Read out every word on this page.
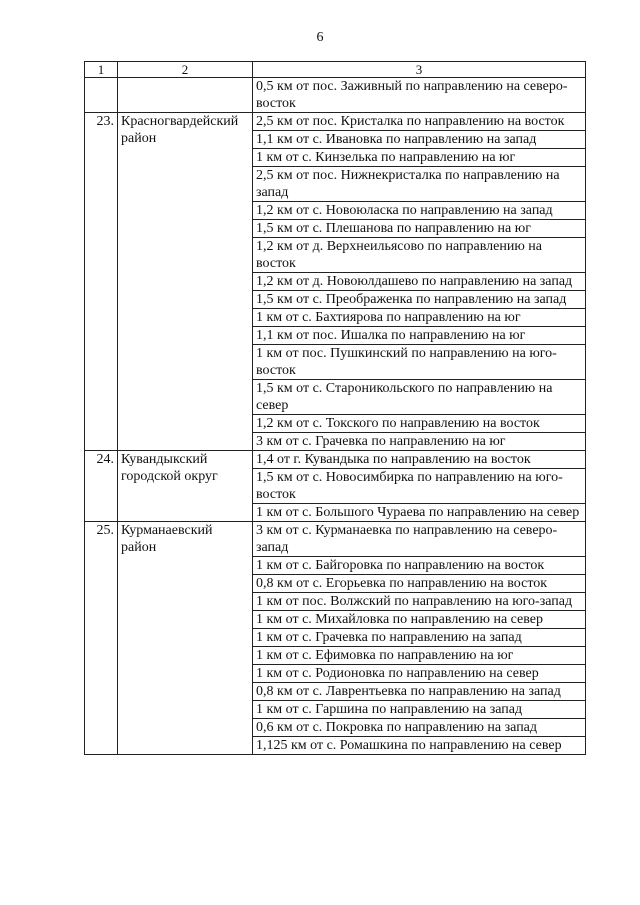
6
1	2	3
		0,5 км от пос. Заживный по направлению на северо-восток
23.	Красногвардейский район	2,5 км от пос. Кристалка по направлению на восток
		1,1 км от с. Ивановка по направлению на запад
		1 км от с. Кинзелька по направлению на юг
		2,5 км от пос. Нижнекристалка по направлению на запад
		1,2 км от с. Новоюласка по направлению на запад
		1,5 км от с. Плешанова по направлению на юг
		1,2 км от д. Верхнеильясово по направлению на восток
		1,2 км от д. Новоюлдашево по направлению на запад
		1,5 км от с. Преображенка по направлению на запад
		1 км от с. Бахтиярова по направлению на юг
		1,1 км от пос. Ишалка по направлению на юг
		1 км от пос. Пушкинский по направлению на юго-восток
		1,5 км от с. Староникольского по направлению на север
		1,2 км от с. Токского по направлению на восток
		3 км от с. Грачевка по направлению на юг
24.	Кувандыкский городской округ	1,4 от г. Кувандыка по направлению на восток
		1,5 км от с. Новосимбирка по направлению на юго-восток
		1 км от с. Большого Чураева по направлению на север
25.	Курманаевский район	3 км от с. Курманаевка по направлению на северо-запад
		1 км от с. Байгоровка по направлению на восток
		0,8 км от с. Егорьевка по направлению на восток
		1 км от пос. Волжский по направлению на юго-запад
		1 км от с. Михайловка по направлению на север
		1 км от с. Грачевка по направлению на запад
		1 км от с. Ефимовка по направлению на юг
		1 км от с. Родионовка по направлению на север
		0,8 км от с. Лаврентьевка по направлению на запад
		1 км от с. Гаршина по направлению на запад
		0,6 км от с. Покровка по направлению на запад
		1,125 км от с. Ромашкина по направлению на север
